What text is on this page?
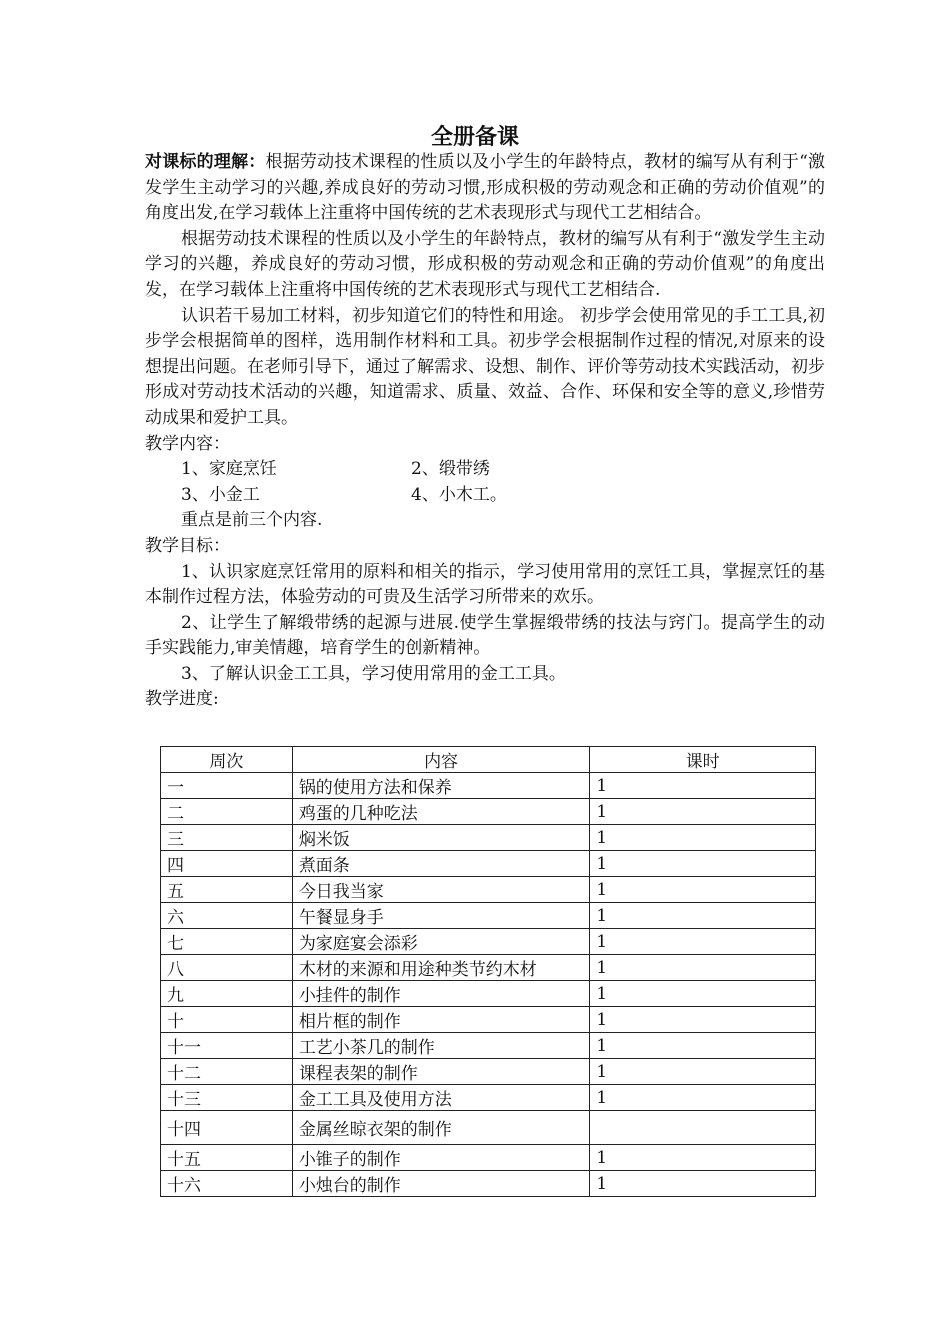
全册备课

对课标的理解：根据劳动技术课程的性质以及小学生的年龄特点，教材的编写从有利于“激发学生主动学习的兴趣,养成良好的劳动习惯,形成积极的劳动观念和正确的劳动价值观”的角度出发,在学习载体上注重将中国传统的艺术表现形式与现代工艺相结合。

根据劳动技术课程的性质以及小学生的年龄特点，教材的编写从有利于“激发学生主动学习的兴趣，养成良好的劳动习惯，形成积极的劳动观念和正确的劳动价值观”的角度出发，在学习载体上注重将中国传统的艺术表现形式与现代工艺相结合.

认识若干易加工材料，初步知道它们的特性和用途。 初步学会使用常见的手工工具,初步学会根据简单的图样，选用制作材料和工具。初步学会根据制作过程的情况,对原来的设想提出问题。在老师引导下，通过了解需求、设想、制作、评价等劳动技术实践活动，初步形成对劳动技术活动的兴趣，知道需求、质量、效益、合作、环保和安全等的意义,珍惜劳动成果和爱护工具。

教学内容：

1、家庭烹饪	2、缎带绣
3、小金工	4、小木工。

重点是前三个内容.

教学目标：

1、认识家庭烹饪常用的原料和相关的指示，学习使用常用的烹饪工具，掌握烹饪的基本制作过程方法，体验劳动的可贵及生活学习所带来的欢乐。

2、让学生了解缎带绣的起源与进展.使学生掌握缎带绣的技法与窍门。提高学生的动手实践能力,审美情趣，培育学生的创新精神。

3、了解认识金工工具，学习使用常用的金工工具。

教学进度:

周次	内容	课时
一	锅的使用方法和保养	1
二	鸡蛋的几种吃法	1
三	焖米饭	1
四	煮面条	1
五	今日我当家	1
六	午餐显身手	1
七	为家庭宴会添彩	1
八	木材的来源和用途种类节约木材	1
九	小挂件的制作	1
十	相片框的制作	1
十一	工艺小茶几的制作	1
十二	课程表架的制作	1
十三	金工工具及使用方法	1
十四	金属丝晾衣架的制作	
十五	小锥子的制作	1
十六	小烛台的制作	1
